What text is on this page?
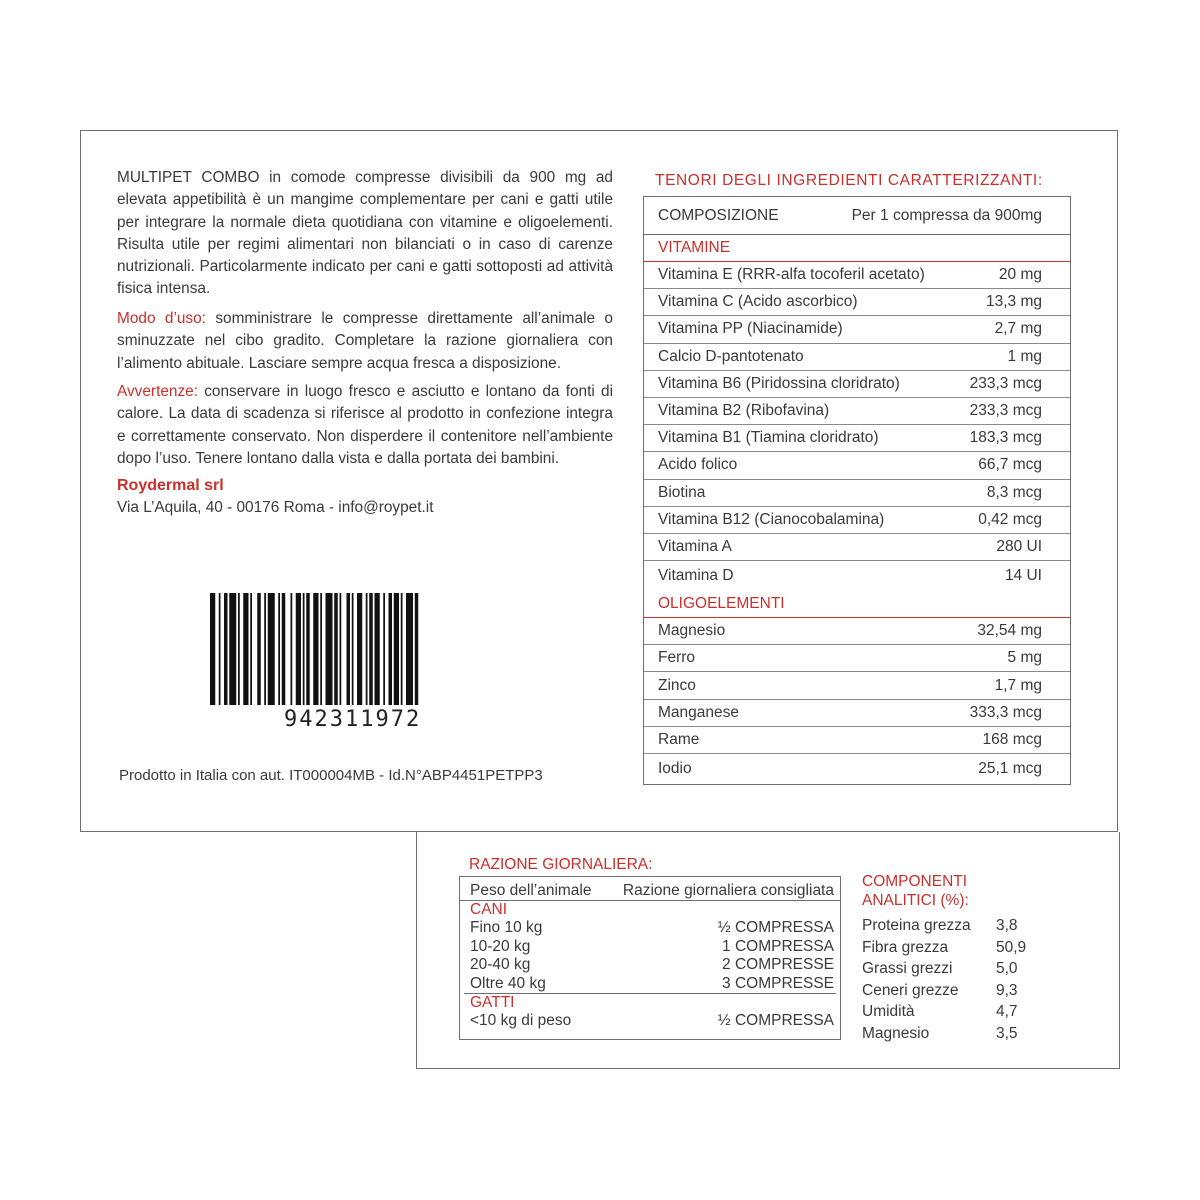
MULTIPET COMBO in comode compresse divisibili da 900 mg ad elevata appetibilità è un mangime complementare per cani e gatti utile per integrare la normale dieta quotidiana con vitamine e oligoelementi. Risulta utile per regimi alimentari non bilanciati o in caso di carenze nutrizionali. Particolarmente indicato per cani e gatti sottoposti ad attività fisica intensa.

Modo d’uso: somministrare le compresse direttamente all’animale o sminuzzate nel cibo gradito. Completare la razione giornaliera con l’alimento abituale. Lasciare sempre acqua fresca a disposizione.

Avvertenze: conservare in luogo fresco e asciutto e lontano da fonti di calore. La data di scadenza si riferisce al prodotto in confezione integra e correttamente conservato. Non disperdere il contenitore nell’ambiente dopo l’uso. Tenere lontano dalla vista e dalla portata dei bambini.

Roydermal srl
Via L’Aquila, 40 - 00176 Roma - info@roypet.it
942311972
Prodotto in Italia con aut. IT000004MB - Id.N°ABP4451PETPP3
TENORI DEGLI INGREDIENTI CARATTERIZZANTI:
COMPOSIZIONE	Per 1 compressa da 900mg
VITAMINE
Vitamina E (RRR-alfa tocoferil acetato)	20 mg
Vitamina C (Acido ascorbico)	13,3 mg
Vitamina PP (Niacinamide)	2,7 mg
Calcio D-pantotenato	1 mg
Vitamina B6 (Piridossina cloridrato)	233,3 mcg
Vitamina B2 (Ribofavina)	233,3 mcg
Vitamina B1 (Tiamina cloridrato)	183,3 mcg
Acido folico	66,7 mcg
Biotina	8,3 mcg
Vitamina B12 (Cianocobalamina)	0,42 mcg
Vitamina A	280 UI
Vitamina D	14 UI
OLIGOELEMENTI
Magnesio	32,54 mg
Ferro	5 mg
Zinco	1,7 mg
Manganese	333,3 mcg
Rame	168 mcg
Iodio	25,1 mcg
RAZIONE GIORNALIERA:
Peso dell’animale Razione giornaliera consigliata
CANI
Fino 10 kg	½ COMPRESSA
10-20 kg	1 COMPRESSA
20-40 kg	2 COMPRESSE
Oltre 40 kg	3 COMPRESSE
GATTI
<10 kg di peso	½ COMPRESSA
COMPONENTI
ANALITICI (%):
Proteina grezza	3,8
Fibra grezza	50,9
Grassi grezzi	5,0
Ceneri grezze	9,3
Umidità	4,7
Magnesio	3,5
